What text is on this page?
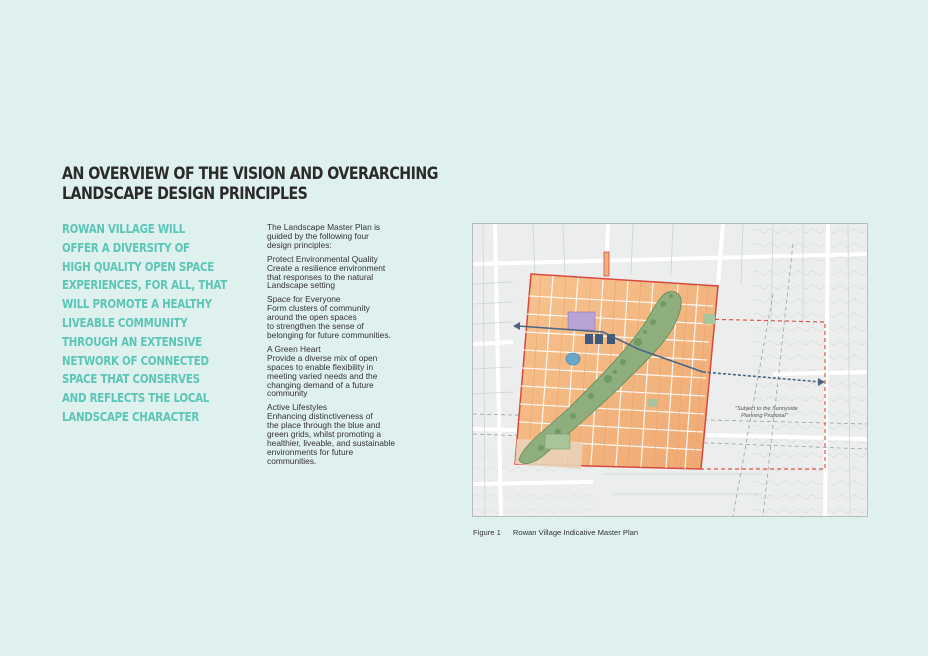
AN OVERVIEW OF THE VISION AND OVERARCHING
LANDSCAPE DESIGN PRINCIPLES
ROWAN VILLAGE WILL
OFFER A DIVERSITY OF
HIGH QUALITY OPEN SPACE
EXPERIENCES, FOR ALL, THAT
WILL PROMOTE A HEALTHY
LIVEABLE COMMUNITY
THROUGH AN EXTENSIVE
NETWORK OF CONNECTED
SPACE THAT CONSERVES
AND REFLECTS THE LOCAL
LANDSCAPE CHARACTER

The Landscape Master Plan is
guided by the following four
design principles:

Protect Environmental Quality
Create a resilience environment
that responses to the natural
Landscape setting

Space for Everyone
Form clusters of community
around the open spaces
to strengthen the sense of
belonging for future communities.

A Green Heart
Provide a diverse mix of open
spaces to enable flexibility in
meeting varied needs and the
changing demand of a future
community

Active Lifestyles
Enhancing distinctiveness of
the place through the blue and
green grids, whilst promoting a
healthier, liveable, and sustainable
environments for future
communities.

"Subject to the Sunnyside
Planning Proposal"
Figure 1 Rowan Village Indicative Master Plan
